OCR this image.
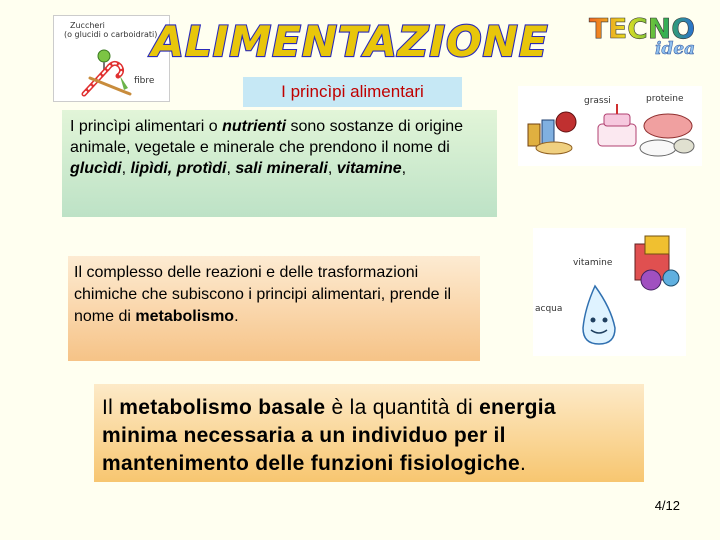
Zuccheri
(o glucidi o carboidrati)
fibre
ALIMENTAZIONE TECNO
idea
I princìpi alimentari	grassi	proteine
I princìpi alimentari o nutrienti sono sostanze di origine animale, vegetale e minerale che prendono il nome di glucìdi, lipìdi, protìdi, sali minerali, vitamine,
vitamine
acqua
Il complesso delle reazioni e delle trasformazioni chimiche che subiscono i principi alimentari, prende il nome di metabolismo.
Il metabolismo basale è la quantità di energia minima necessaria a un individuo per il mantenimento delle funzioni fisiologiche.
4/12
